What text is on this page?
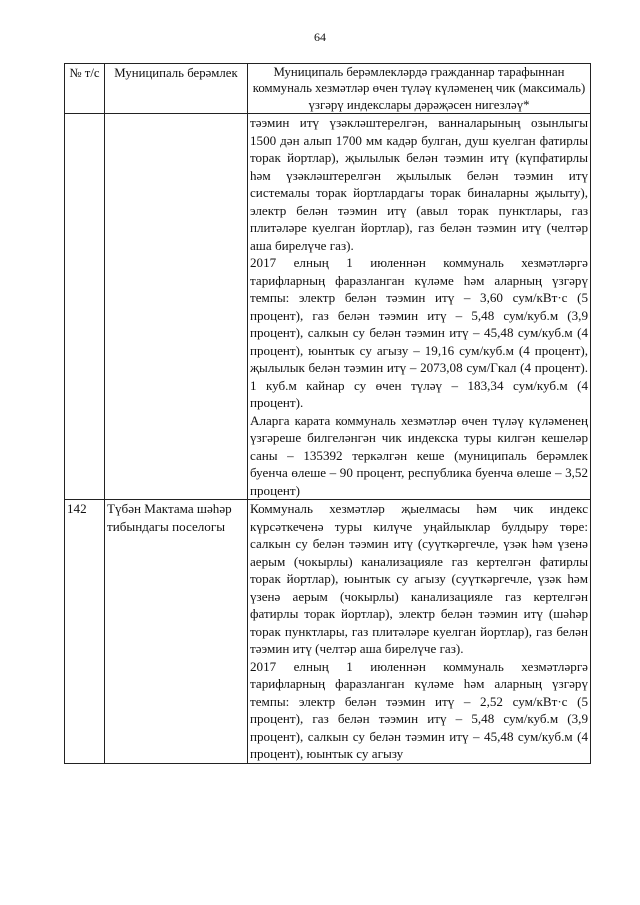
64
№ т/с	Муниципаль берәмлек	Муниципаль берәмлекләрдә гражданнар тарафыннан коммуналь хезмәтләр өчен түләү күләменең чик (максималь) үзгәрү индекслары дәрәҗәсен нигезләү*

		тәэмин итү үзәкләштерелгән, ванналарының озынлыгы 1500 дән алып 1700 мм кадәр булган, душ куелган фатирлы торак йортлар), җылылык белән тәэмин итү (күпфатирлы һәм үзәкләштерелгән җылылык белән тәэмин итү системалы торак йортлардагы торак биналарны җылыту), электр белән тәэмин итү (авыл торак пунктлары, газ плитәләре куелган йортлар), газ белән тәэмин итү (челтәр аша бирелүче газ).

2017 елның 1 июленнән коммуналь хезмәтләргә тарифларның фаразланган күләме һәм аларның үзгәрү темпы: электр белән тәэмин итү – 3,60 сум/кВт·с (5 процент), газ белән тәэмин итү – 5,48 сум/куб.м (3,9 процент), салкын су белән тәэмин итү – 45,48 сум/куб.м (4 процент), юынтык су агызу – 19,16 сум/куб.м (4 процент), җылылык белән тәэмин итү – 2073,08 сум/Гкал (4 процент). 1 куб.м кайнар су өчен түләү – 183,34 сум/куб.м (4 процент).

Аларга карата коммуналь хезмәтләр өчен түләү күләменең үзгәреше билгеләнгән чик индекска туры килгән кешеләр саны – 135392 теркәлгән кеше (муниципаль берәмлек буенча өлеше – 90 процент, республика буенча өлеше – 3,52 процент)

142	Түбән Мактама шәһәр тибындагы поселогы	Коммуналь хезмәтләр җыелмасы һәм чик индекс күрсәткеченә туры килүче уңайлыклар булдыру төре: салкын су белән тәэмин итү (суүткәргечле, үзәк һәм үзенә аерым (чокырлы) канализацияле газ кертелгән фатирлы торак йортлар), юынтык су агызу (суүткәргечле, үзәк һәм үзенә аерым (чокырлы) канализацияле газ кертелгән фатирлы торак йортлар), электр белән тәэмин итү (шәһәр торак пунктлары, газ плитәләре куелган йортлар), газ белән тәэмин итү (челтәр аша бирелүче газ).

2017 елның 1 июленнән коммуналь хезмәтләргә тарифларның фаразланган күләме һәм аларның үзгәрү темпы: электр белән тәэмин итү – 2,52 сум/кВт·с (5 процент), газ белән тәэмин итү – 5,48 сум/куб.м (3,9 процент), салкын су белән тәэмин итү – 45,48 сум/куб.м (4 процент), юынтык су агызу
